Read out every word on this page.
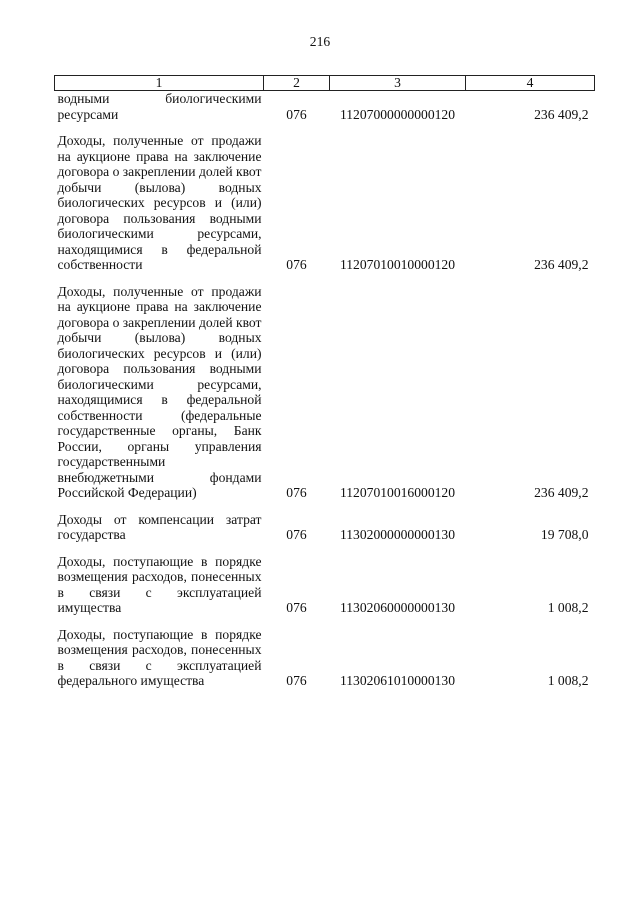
216
1	2	3	4
водными биологическими ресурсами	076	11207000000000120	236 409,2
Доходы, полученные от продажи на аукционе права на заключение договора о закреплении долей квот добычи (вылова) водных биологических ресурсов и (или) договора пользования водными биологическими ресурсами, находящимися в федеральной собственности	076	11207010010000120	236 409,2
Доходы, полученные от продажи на аукционе права на заключение договора о закреплении долей квот добычи (вылова) водных биологических ресурсов и (или) договора пользования водными биологическими ресурсами, находящимися в федеральной собственности (федеральные государственные органы, Банк России, органы управления государственными внебюджетными фондами Российской Федерации)	076	11207010016000120	236 409,2
Доходы от компенсации затрат государства	076	11302000000000130	19 708,0
Доходы, поступающие в порядке возмещения расходов, понесенных в связи с эксплуатацией имущества	076	11302060000000130	1 008,2
Доходы, поступающие в порядке возмещения расходов, понесенных в связи с эксплуатацией федерального имущества	076	11302061010000130	1 008,2
